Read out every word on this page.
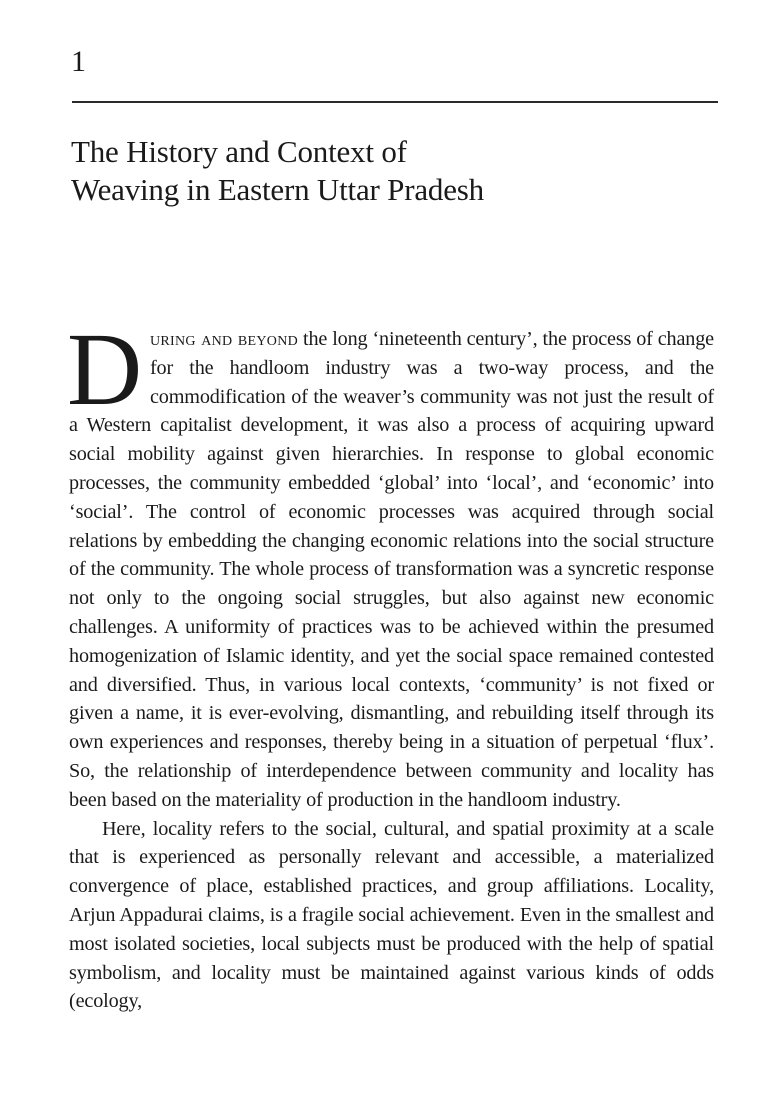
1
The History and Context of
Weaving in Eastern Uttar Pradesh

During and beyond the long ‘nineteenth century’, the process of change for the handloom industry was a two-way process, and the commodification of the weaver’s community was not just the result of a Western capitalist development, it was also a process of acquiring upward social mobility against given hierarchies. In response to global economic processes, the community embedded ‘global’ into ‘local’, and ‘economic’ into ‘social’. The control of economic processes was acquired through social relations by embedding the changing economic relations into the social structure of the community. The whole process of transformation was a syncretic response not only to the ongoing social struggles, but also against new economic challenges. A uniformity of practices was to be achieved within the presumed homogenization of Islamic identity, and yet the social space remained contested and diversified. Thus, in various local contexts, ‘community’ is not fixed or given a name, it is ever-evolving, dismantling, and rebuilding itself through its own experiences and responses, thereby being in a situation of perpetual ‘flux’. So, the relationship of interdependence between community and locality has been based on the materiality of production in the handloom industry.

Here, locality refers to the social, cultural, and spatial proximity at a scale that is experienced as personally relevant and accessible, a materialized convergence of place, established practices, and group affiliations. Locality, Arjun Appadurai claims, is a fragile social achievement. Even in the smallest and most isolated societies, local subjects must be produced with the help of spatial symbolism, and locality must be maintained against various kinds of odds (ecology,
